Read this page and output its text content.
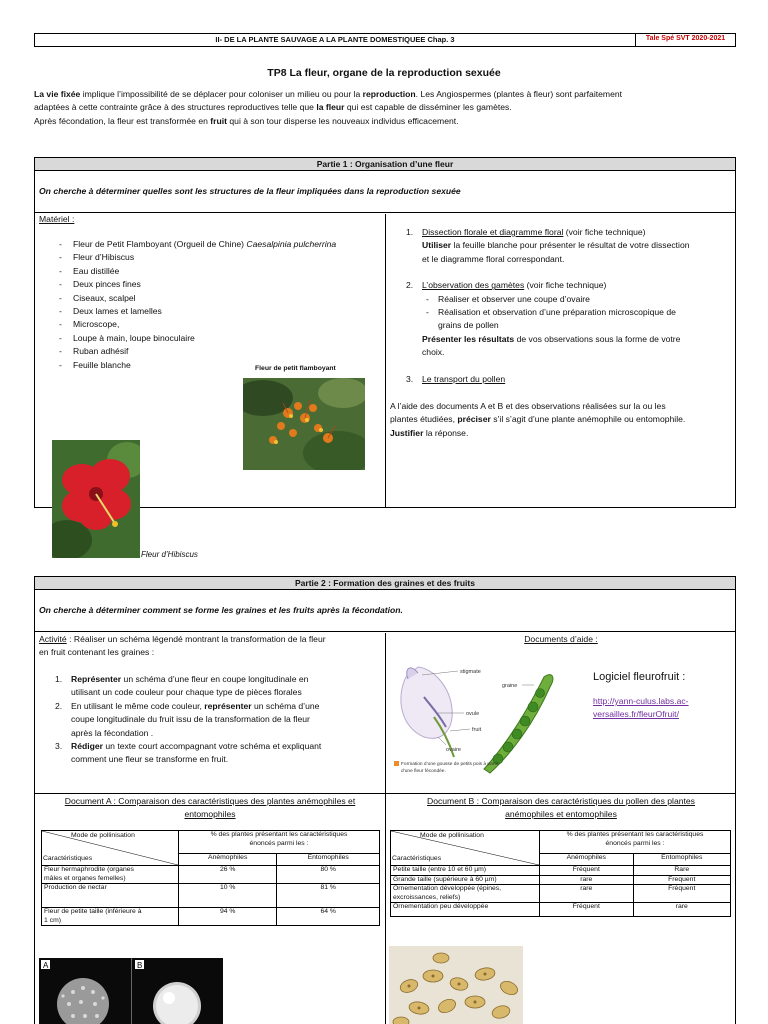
II- DE LA PLANTE SAUVAGE A LA PLANTE DOMESTIQUEE Chap. 3	Tale Spé SVT 2020-2021
TP8 La fleur, organe de la reproduction sexuée
La vie fixée implique l’impossibilité de se déplacer pour coloniser un milieu ou pour la reproduction. Les Angiospermes (plantes à fleur) sont parfaitement
adaptées à cette contrainte grâce à des structures reproductives telle que la fleur qui est capable de disséminer les gamètes.
Après fécondation, la fleur est transformée en fruit qui à son tour disperse les nouveaux individus efficacement.
Partie 1 : Organisation d’une fleur
On cherche à déterminer quelles sont les structures de la fleur impliquées dans la reproduction sexuée
Matériel :
- Fleur de Petit Flamboyant (Orgueil de Chine) Caesalpinia pulcherrina
- Fleur d’Hibiscus
- Eau distillée
- Deux pinces fines
- Ciseaux, scalpel
- Deux lames et lamelles
- Microscope,
- Loupe à main, loupe binoculaire
- Ruban adhésif
- Feuille blanche	Fleur de petit flamboyant
Fleur d’Hibiscus
1. Dissection florale et diagramme floral (voir fiche technique)
Utiliser la feuille blanche pour présenter le résultat de votre dissection
et le diagramme floral correspondant.
2. L’observation des gamètes (voir fiche technique)
- Réaliser et observer une coupe d’ovaire
- Réalisation et observation d’une préparation microscopique de
grains de pollen
Présenter les résultats de vos observations sous la forme de votre
choix.
3. Le transport du pollen
A l’aide des documents A et B et des observations réalisées sur la ou les
plantes étudiées, préciser s’il s’agit d’une plante anémophile ou entomophile.
Justifier la réponse.
Partie 2 : Formation des graines et des fruits
On cherche à déterminer comment se forme les graines et les fruits après la fécondation.
Activité : Réaliser un schéma légendé montrant la transformation de la fleur
en fruit contenant les graines :
1. Représenter un schéma d’une fleur en coupe longitudinale en
utilisant un code couleur pour chaque type de pièces florales
2. En utilisant le même code couleur, représenter un schéma d’une
coupe longitudinale du fruit issu de la transformation de la fleur
après la fécondation .
3. Rédiger un texte court accompagnant votre schéma et expliquant
comment une fleur se transforme en fruit.
Documents d’aide :
stigmate
graine
ovule
fruit
ovaire
Formation d’une gousse de petits pois à partir
d’une fleur fécondée.
Logiciel fleurofruit :
http://yann-culus.labs.ac-
versailles.fr/fleurOfruit/
Document A : Comparaison des caractéristiques des plantes anémophiles et
entomophiles

% des plantes présentant les caractéristiques
énoncés parmi les :	

	Anémophiles	Entomophiles

Fleur hermaphrodite (organes
mâles et organes femelles)	26 %	80 %

Production de nectar	10 %	81 %

Fleur de petite taille (inférieure à
1 cm)	94 %	64 %
Mode de pollinisation
Caractéristiques
A	B
Document B : Comparaison des caractéristiques du pollen des plantes
anémophiles et entomophiles

% des plantes présentant les caractéristiques
énoncés parmi les :	

	Anémophiles	Entomophiles
Petite taille (entre 10 et 60 µm)	Fréquent	Rare
Grande taille (supérieure à 60 µm)	rare	Frequent

Ornementation développée (épines,
excroissances, reliefs)	rare	Fréquent
Ornementation peu développée	Fréquent	rare
Mode de pollinisation
Caractéristiques
